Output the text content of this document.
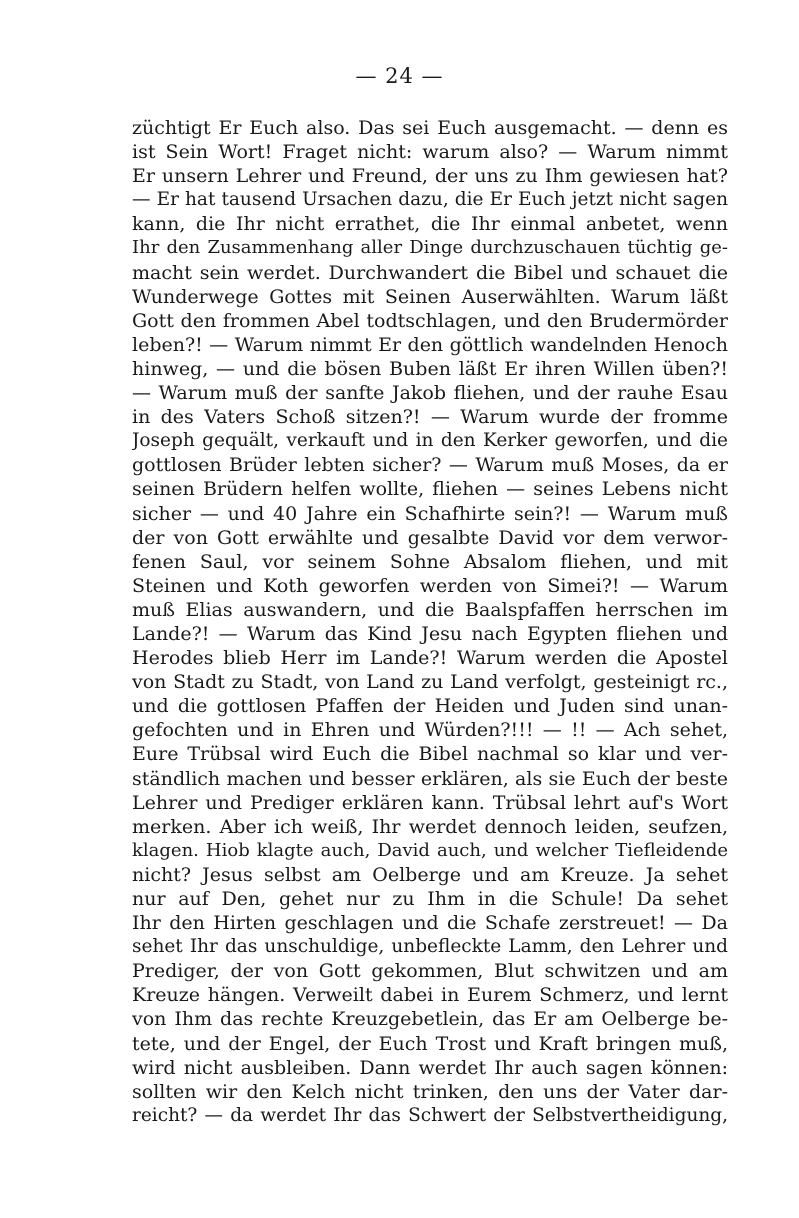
— 24 —
züchtigt Er Euch also. Das sei Euch ausgemacht. — denn es
ist Sein Wort! Fraget nicht: warum also? — Warum nimmt
Er unsern Lehrer und Freund, der uns zu Ihm gewiesen hat?
— Er hat tausend Ursachen dazu, die Er Euch jetzt nicht sagen
kann, die Ihr nicht errathet, die Ihr einmal anbetet, wenn
Ihr den Zusammenhang aller Dinge durchzuschauen tüchtig ge-
macht sein werdet. Durchwandert die Bibel und schauet die
Wunderwege Gottes mit Seinen Auserwählten. Warum läßt
Gott den frommen Abel todtschlagen, und den Brudermörder
leben?! — Warum nimmt Er den göttlich wandelnden Henoch
hinweg, — und die bösen Buben läßt Er ihren Willen üben?!
— Warum muß der sanfte Jakob fliehen, und der rauhe Esau
in des Vaters Schoß sitzen?! — Warum wurde der fromme
Joseph gequält, verkauft und in den Kerker geworfen, und die
gottlosen Brüder lebten sicher? — Warum muß Moses, da er
seinen Brüdern helfen wollte, fliehen — seines Lebens nicht
sicher — und 40 Jahre ein Schafhirte sein?! — Warum muß
der von Gott erwählte und gesalbte David vor dem verwor-
fenen Saul, vor seinem Sohne Absalom fliehen, und mit
Steinen und Koth geworfen werden von Simei?! — Warum
muß Elias auswandern, und die Baalspfaffen herrschen im
Lande?! — Warum das Kind Jesu nach Egypten fliehen und
Herodes blieb Herr im Lande?! Warum werden die Apostel
von Stadt zu Stadt, von Land zu Land verfolgt, gesteinigt rc.,
und die gottlosen Pfaffen der Heiden und Juden sind unan-
gefochten und in Ehren und Würden?!!! — !! — Ach sehet,
Eure Trübsal wird Euch die Bibel nachmal so klar und ver-
ständlich machen und besser erklären, als sie Euch der beste
Lehrer und Prediger erklären kann. Trübsal lehrt auf's Wort
merken. Aber ich weiß, Ihr werdet dennoch leiden, seufzen,
klagen. Hiob klagte auch, David auch, und welcher Tiefleidende
nicht? Jesus selbst am Oelberge und am Kreuze. Ja sehet
nur auf Den, gehet nur zu Ihm in die Schule! Da sehet
Ihr den Hirten geschlagen und die Schafe zerstreuet! — Da
sehet Ihr das unschuldige, unbefleckte Lamm, den Lehrer und
Prediger, der von Gott gekommen, Blut schwitzen und am
Kreuze hängen. Verweilt dabei in Eurem Schmerz, und lernt
von Ihm das rechte Kreuzgebetlein, das Er am Oelberge be-
tete, und der Engel, der Euch Trost und Kraft bringen muß,
wird nicht ausbleiben. Dann werdet Ihr auch sagen können:
sollten wir den Kelch nicht trinken, den uns der Vater dar-
reicht? — da werdet Ihr das Schwert der Selbstvertheidigung,
